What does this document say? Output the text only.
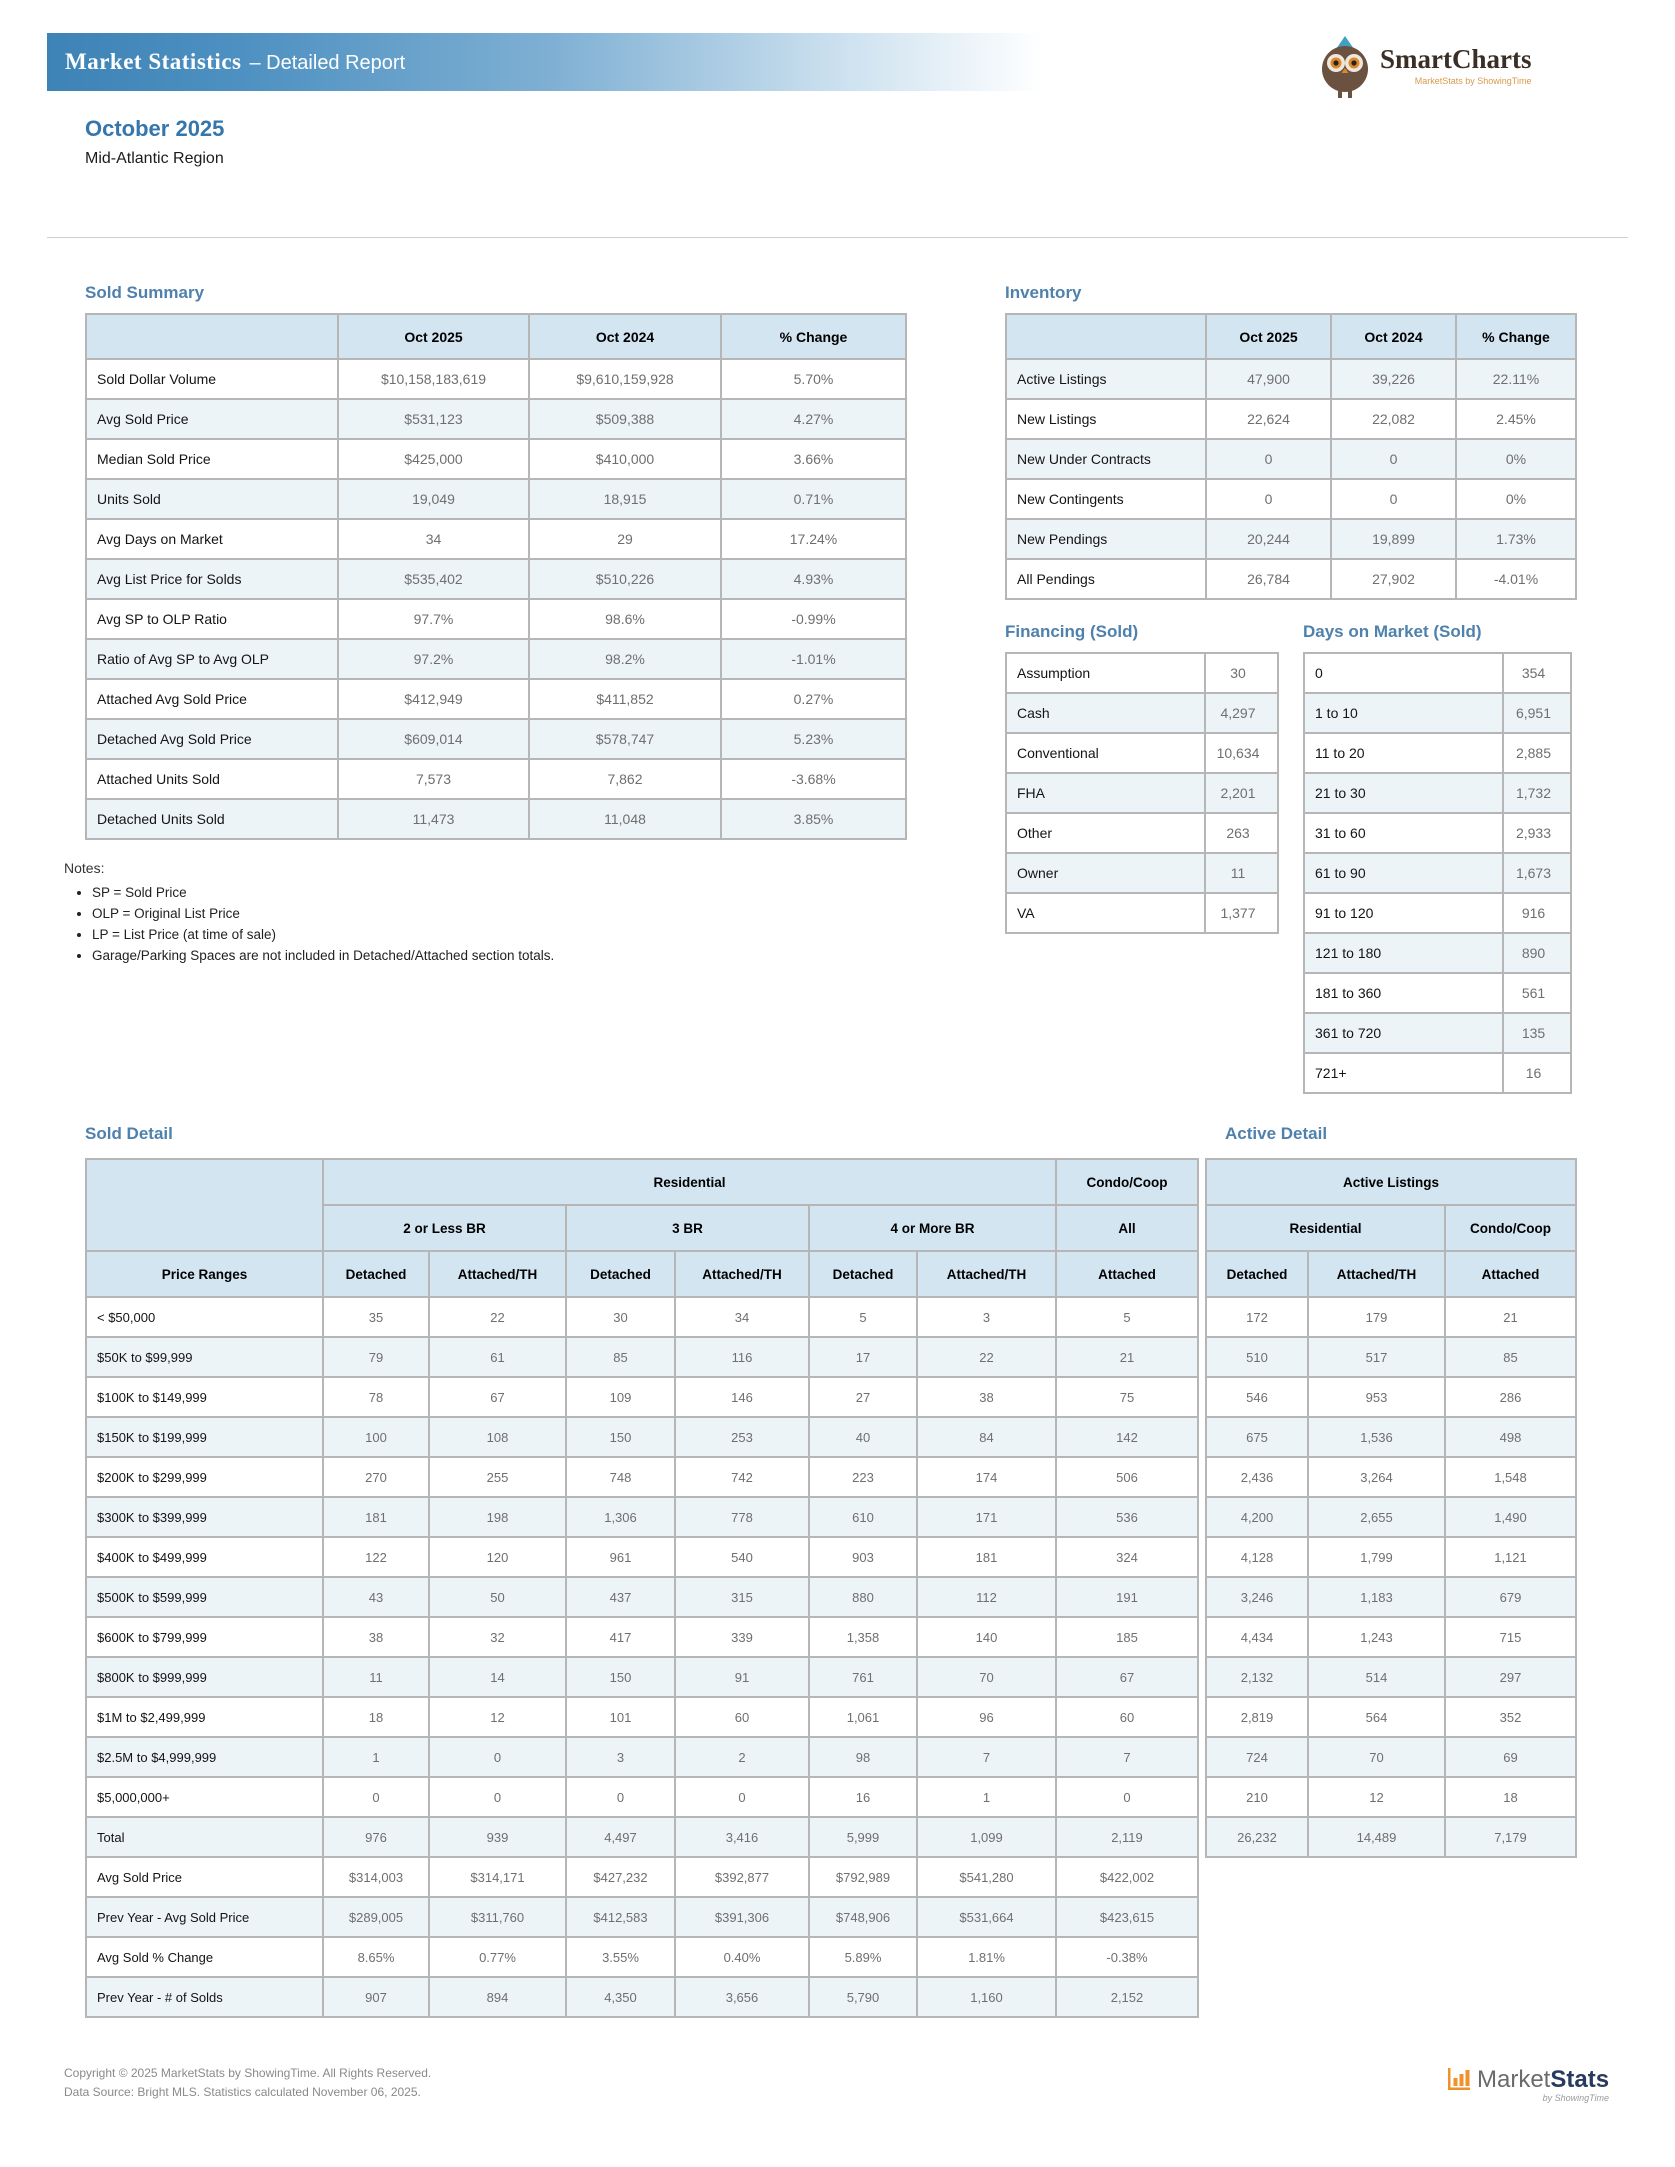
Market Statistics – Detailed Report	SmartCharts
MarketStats by ShowingTime
October 2025
Mid-Atlantic Region
Sold Summary
	Oct 2025	Oct 2024	% Change
Sold Dollar Volume	$10,158,183,619	$9,610,159,928	5.70%
Avg Sold Price	$531,123	$509,388	4.27%
Median Sold Price	$425,000	$410,000	3.66%
Units Sold	19,049	18,915	0.71%
Avg Days on Market	34	29	17.24%
Avg List Price for Solds	$535,402	$510,226	4.93%
Avg SP to OLP Ratio	97.7%	98.6%	-0.99%
Ratio of Avg SP to Avg OLP	97.2%	98.2%	-1.01%
Attached Avg Sold Price	$412,949	$411,852	0.27%
Detached Avg Sold Price	$609,014	$578,747	5.23%
Attached Units Sold	7,573	7,862	-3.68%
Detached Units Sold	11,473	11,048	3.85%
Inventory
	Oct 2025	Oct 2024	% Change
Active Listings	47,900	39,226	22.11%
New Listings	22,624	22,082	2.45%
New Under Contracts	0	0	0%
New Contingents	0	0	0%
New Pendings	20,244	19,899	1.73%
All Pendings	26,784	27,902	-4.01%
Financing (Sold)
Assumption	30
Cash	4,297
Conventional	10,634
FHA	2,201
Other	263
Owner	11
VA	1,377
Days on Market (Sold)
0	354
1 to 10	6,951
11 to 20	2,885
21 to 30	1,732
31 to 60	2,933
61 to 90	1,673
91 to 120	916
121 to 180	890
181 to 360	561
361 to 720	135
721+	16
Notes:
• SP = Sold Price
• OLP = Original List Price
• LP = List Price (at time of sale)
• Garage/Parking Spaces are not included in Detached/Attached section totals.
Sold Detail	Active Detail
	Residential						Condo/Coop
	2 or Less BR		3 BR		4 or More BR		All
Price Ranges	Detached	Attached/TH	Detached	Attached/TH	Detached	Attached/TH	Attached
< $50,000	35	22	30	34	5	3	5
$50K to $99,999	79	61	85	116	17	22	21
$100K to $149,999	78	67	109	146	27	38	75
$150K to $199,999	100	108	150	253	40	84	142
$200K to $299,999	270	255	748	742	223	174	506
$300K to $399,999	181	198	1,306	778	610	171	536
$400K to $499,999	122	120	961	540	903	181	324
$500K to $599,999	43	50	437	315	880	112	191
$600K to $799,999	38	32	417	339	1,358	140	185
$800K to $999,999	11	14	150	91	761	70	67
$1M to $2,499,999	18	12	101	60	1,061	96	60
$2.5M to $4,999,999	1	0	3	2	98	7	7
$5,000,000+	0	0	0	0	16	1	0
Total	976	939	4,497	3,416	5,999	1,099	2,119
Avg Sold Price	$314,003	$314,171	$427,232	$392,877	$792,989	$541,280	$422,002
Prev Year - Avg Sold Price	$289,005	$311,760	$412,583	$391,306	$748,906	$531,664	$423,615
Avg Sold % Change	8.65%	0.77%	3.55%	0.40%	5.89%	1.81%	-0.38%
Prev Year - # of Solds	907	894	4,350	3,656	5,790	1,160	2,152
Active Listings		
Residential		Condo/Coop
Detached	Attached/TH	Attached
172	179	21
510	517	85
546	953	286
675	1,536	498
2,436	3,264	1,548
4,200	2,655	1,490
4,128	1,799	1,121
3,246	1,183	679
4,434	1,243	715
2,132	514	297
2,819	564	352
724	70	69
210	12	18
26,232	14,489	7,179
Copyright © 2025 MarketStats by ShowingTime. All Rights Reserved.
Data Source: Bright MLS. Statistics calculated November 06, 2025.	MarketStats
by ShowingTime
